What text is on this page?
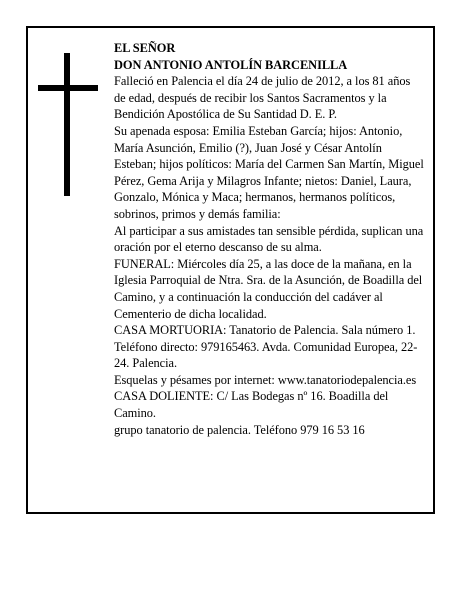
EL SEÑOR

DON ANTONIO ANTOLÍN BARCENILLA

Falleció en Palencia el día 24 de julio de 2012, a los 81 años de edad, después de recibir los Santos Sacramentos y la Bendición Apostólica de Su Santidad D. E. P.

Su apenada esposa: Emilia Esteban García; hijos: Antonio, María Asunción, Emilio (?), Juan José y César Antolín Esteban; hijos políticos: María del Carmen San Martín, Miguel Pérez, Gema Arija y Milagros Infante; nietos: Daniel, Laura, Gonzalo, Mónica y Maca; hermanos, hermanos políticos, sobrinos, primos y demás familia:

Al participar a sus amistades tan sensible pérdida, suplican una oración por el eterno descanso de su alma.

FUNERAL: Miércoles día 25, a las doce de la mañana, en la Iglesia Parroquial de Ntra. Sra. de la Asunción, de Boadilla del Camino, y a continuación la conducción del cadáver al Cementerio de dicha localidad.

CASA MORTUORIA: Tanatorio de Palencia. Sala número 1. Teléfono directo: 979165463. Avda. Comunidad Europea, 22-24. Palencia.

Esquelas y pésames por internet: www.tanatoriodepalencia.es

CASA DOLIENTE: C/ Las Bodegas nº 16. Boadilla del Camino.

grupo tanatorio de palencia. Teléfono 979 16 53 16
